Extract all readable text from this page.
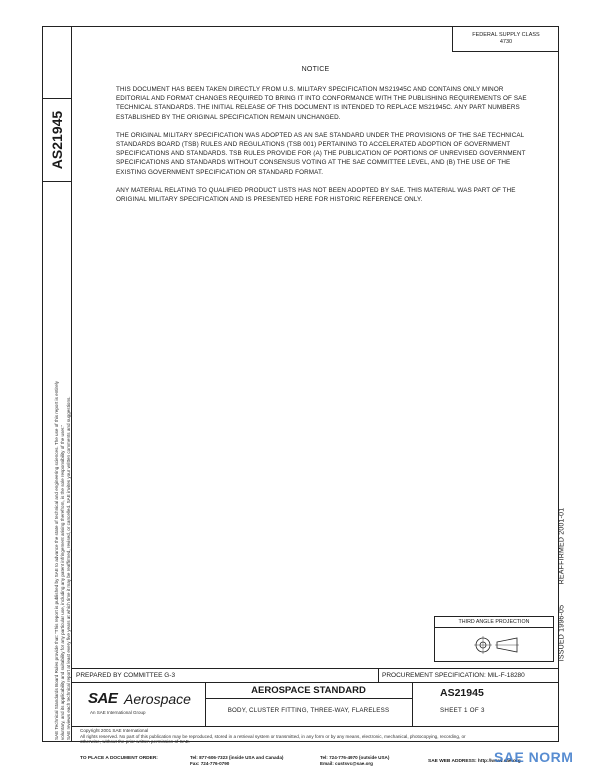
AS21945

SAE Technical Standards Board Rules provide that: "This report is published by SAE to advance the state of technical and engineering sciences. The use of this report is entirely voluntary, and its applicability and suitability for any particular use, including any patent infringement arising therefrom, is the sole responsibility of the user." SAE reviews each technical report at least every five years at which time it may be reaffirmed, revised, or cancelled. SAE invites your written comments and suggestions.

FEDERAL SUPPLY CLASS
4730
NOTICE

THIS DOCUMENT HAS BEEN TAKEN DIRECTLY FROM U.S. MILITARY SPECIFICATION MS21945C AND CONTAINS ONLY MINOR EDITORIAL AND FORMAT CHANGES REQUIRED TO BRING IT INTO CONFORMANCE WITH THE PUBLISHING REQUIREMENTS OF SAE TECHNICAL STANDARDS. THE INITIAL RELEASE OF THIS DOCUMENT IS INTENDED TO REPLACE MS21945C. ANY PART NUMBERS ESTABLISHED BY THE ORIGINAL SPECIFICATION REMAIN UNCHANGED.

THE ORIGINAL MILITARY SPECIFICATION WAS ADOPTED AS AN SAE STANDARD UNDER THE PROVISIONS OF THE SAE TECHNICAL STANDARDS BOARD (TSB) RULES AND REGULATIONS (TSB 001) PERTAINING TO ACCELERATED ADOPTION OF GOVERNMENT SPECIFICATIONS AND STANDARDS. TSB RULES PROVIDE FOR (A) THE PUBLICATION OF PORTIONS OF UNREVISED GOVERNMENT SPECIFICATIONS AND STANDARDS WITHOUT CONSENSUS VOTING AT THE SAE COMMITTEE LEVEL, AND (B) THE USE OF THE EXISTING GOVERNMENT SPECIFICATION OR STANDARD FORMAT.

ANY MATERIAL RELATING TO QUALIFIED PRODUCT LISTS HAS NOT BEEN ADOPTED BY SAE. THIS MATERIAL WAS PART OF THE ORIGINAL MILITARY SPECIFICATION AND IS PRESENTED HERE FOR HISTORIC REFERENCE ONLY.

REAFFIRMED 2001-01
ISSUED 1996-05
THIRD ANGLE PROJECTION
PREPARED BY COMMITTEE G-3	PROCUREMENT SPECIFICATION: MIL-F-18280
SAE Aerospace
An SAE International Group
AEROSPACE STANDARD
BODY, CLUSTER FITTING, THREE-WAY, FLARELESS
AS21945
SHEET 1 OF 3

Copyright 2001 SAE International

All rights reserved. No part of this publication may be reproduced, stored in a retrieval system or transmitted, in any form or by any means, electronic, mechanical, photocopying, recording, or

otherwise, without the prior written permission of SAE.

TO PLACE A DOCUMENT ORDER:	Tel: 877-606-7323 (inside USA and Canada)
Fax: 724-776-0790
Tel: 724-776-4970 (outside USA)
Email: custsvc@sae.org	SAE WEB ADDRESS: http://www.sae.org
SAE NORM
